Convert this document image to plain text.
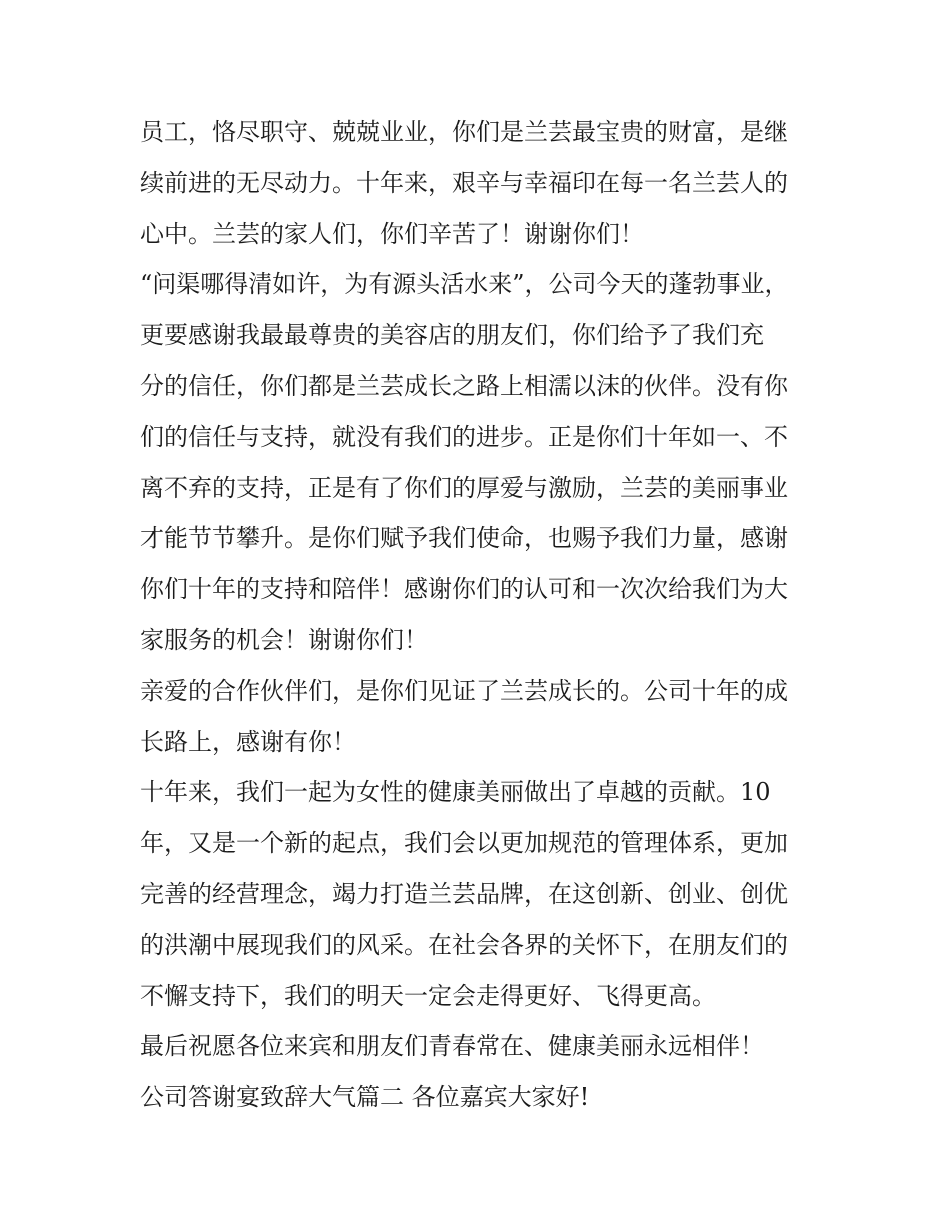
员工，恪尽职守、兢兢业业，你们是兰芸最宝贵的财富，是继
续前进的无尽动力。十年来，艰辛与幸福印在每一名兰芸人的
心中。兰芸的家人们，你们辛苦了！谢谢你们！
“问渠哪得清如许，为有源头活水来”，公司今天的蓬勃事业，
更要感谢我最最尊贵的美容店的朋友们，你们给予了我们充
分的信任，你们都是兰芸成长之路上相濡以沫的伙伴。没有你
们的信任与支持，就没有我们的进步。正是你们十年如一、不
离不弃的支持，正是有了你们的厚爱与激励，兰芸的美丽事业
才能节节攀升。是你们赋予我们使命，也赐予我们力量，感谢
你们十年的支持和陪伴！感谢你们的认可和一次次给我们为大
家服务的机会！谢谢你们！
亲爱的合作伙伴们，是你们见证了兰芸成长的。公司十年的成
长路上，感谢有你！
十年来，我们一起为女性的健康美丽做出了卓越的贡献。10
年，又是一个新的起点，我们会以更加规范的管理体系，更加
完善的经营理念，竭力打造兰芸品牌，在这创新、创业、创优
的洪潮中展现我们的风采。在社会各界的关怀下，在朋友们的
不懈支持下，我们的明天一定会走得更好、飞得更高。
最后祝愿各位来宾和朋友们青春常在、健康美丽永远相伴！
公司答谢宴致辞大气篇二 各位嘉宾大家好!
